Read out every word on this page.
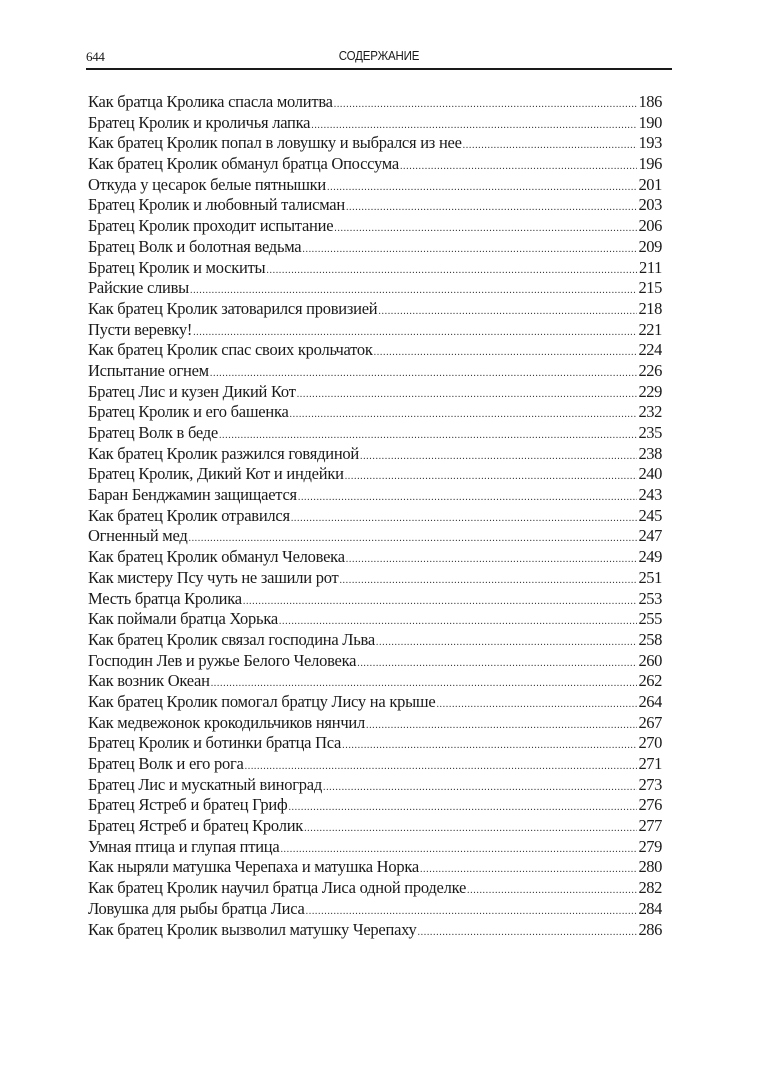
644	СОДЕРЖАНИЕ
Как братца Кролика спасла молитва .....	186
Братец Кролик и кроличья лапка .....	190
Как братец Кролик попал в ловушку и выбрался из нее .....	193
Как братец Кролик обманул братца Опоссума .....	196
Откуда у цесарок белые пятнышки .....	201
Братец Кролик и любовный талисман .....	203
Братец Кролик проходит испытание .....	206
Братец Волк и болотная ведьма .....	209
Братец Кролик и москиты .....	211
Райские сливы .....	215
Как братец Кролик затоварился провизией .....	218
Пусти веревку! .....	221
Как братец Кролик спас своих крольчаток .....	224
Испытание огнем .....	226
Братец Лис и кузен Дикий Кот .....	229
Братец Кролик и его башенка .....	232
Братец Волк в беде .....	235
Как братец Кролик разжился говядиной .....	238
Братец Кролик, Дикий Кот и индейки .....	240
Баран Бенджамин защищается .....	243
Как братец Кролик отравился .....	245
Огненный мед .....	247
Как братец Кролик обманул Человека .....	249
Как мистеру Псу чуть не зашили рот .....	251
Месть братца Кролика .....	253
Как поймали братца Хорька .....	255
Как братец Кролик связал господина Льва .....	258
Господин Лев и ружье Белого Человека .....	260
Как возник Океан .....	262
Как братец Кролик помогал братцу Лису на крыше .....	264
Как медвежонок крокодильчиков нянчил .....	267
Братец Кролик и ботинки братца Пса .....	270
Братец Волк и его рога .....	271
Братец Лис и мускатный виноград .....	273
Братец Ястреб и братец Гриф .....	276
Братец Ястреб и братец Кролик .....	277
Умная птица и глупая птица .....	279
Как ныряли матушка Черепаха и матушка Норка .....	280
Как братец Кролик научил братца Лиса одной проделке .....	282
Ловушка для рыбы братца Лиса .....	284
Как братец Кролик вызволил матушку Черепаху .....	286
